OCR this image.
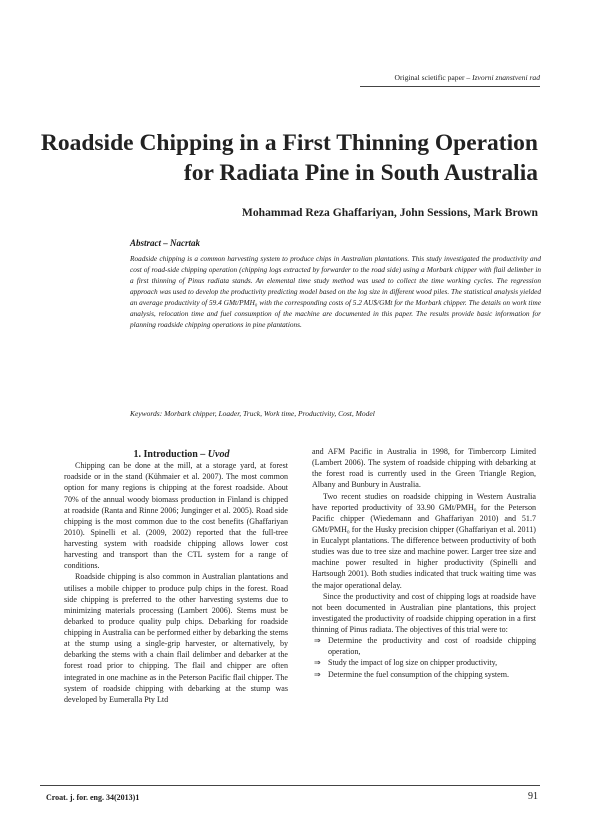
Original scietific paper – Izvorni znanstveni rad
Roadside Chipping in a First Thinning Operation for Radiata Pine in South Australia
Mohammad Reza Ghaffariyan, John Sessions, Mark Brown
Abstract – Nacrtak
Roadside chipping is a common harvesting system to produce chips in Australian plantations. This study investigated the productivity and cost of road-side chipping operation (chipping logs extracted by forwarder to the road side) using a Morbark chipper with flail delimber in a first thinning of Pinus radiata stands. An elemental time study method was used to collect the time working cycles. The regression approach was used to develop the productivity predicting model based on the log size in different wood piles. The statistical analysis yielded an average productivity of 59.4 GMt/PMH₀ with the corresponding costs of 5.2 AU$/GMt for the Morbark chipper. The details on work time analysis, relocation time and fuel consumption of the machine are documented in this paper. The results provide basic information for planning roadside chipping operations in pine plantations.
Keywords: Morbark chipper, Loader, Truck, Work time, Productivity, Cost, Model

1. Introduction – Uvod

Chipping can be done at the mill, at a storage yard, at forest roadside or in the stand (Kühmaier et al. 2007). The most common option for many regions is chipping at the forest roadside. About 70% of the annual woody biomass production in Finland is chipped at roadside (Ranta and Rinne 2006; Junginger et al. 2005). Road side chipping is the most common due to the cost benefits (Ghaffariyan 2010). Spinelli et al. (2009, 2002) reported that the full-tree harvesting system with roadside chipping allows lower cost harvesting and transport than the CTL system for a range of conditions.

Roadside chipping is also common in Australian plantations and utilises a mobile chipper to produce pulp chips in the forest. Road side chipping is preferred to the other harvesting systems due to minimizing materials processing (Lambert 2006). Stems must be debarked to produce quality pulp chips. Debarking for roadside chipping in Australia can be performed either by debarking the stems at the stump using a single-grip harvester, or alternatively, by debarking the stems with a chain flail delimber and debarker at the forest road prior to chipping. The flail and chipper are often integrated in one machine as in the Peterson Pacific flail chipper. The system of roadside chipping with debarking at the stump was developed by Eumeralla Pty Ltd

and AFM Pacific in Australia in 1998, for Timbercorp Limited (Lambert 2006). The system of roadside chipping with debarking at the forest road is currently used in the Green Triangle Region, Albany and Bunbury in Australia.

Two recent studies on roadside chipping in Western Australia have reported productivity of 33.90 GMt/PMH₀ for the Peterson Pacific chipper (Wiedemann and Ghaffariyan 2010) and 51.7 GMt/PMH₀ for the Husky precision chipper (Ghaffariyan et al. 2011) in Eucalypt plantations. The difference between productivity of both studies was due to tree size and machine power. Larger tree size and machine power resulted in higher productivity (Spinelli and Hartsough 2001). Both studies indicated that truck waiting time was the major operational delay.

Since the productivity and cost of chipping logs at roadside have not been documented in Australian pine plantations, this project investigated the productivity of roadside chipping operation in a first thinning of Pinus radiata. The objectives of this trial were to:

⇒ Determine the productivity and cost of roadside chipping operation,
⇒ Study the impact of log size on chipper productivity,
⇒ Determine the fuel consumption of the chipping system.
Croat. j. for. eng. 34(2013)1	91
